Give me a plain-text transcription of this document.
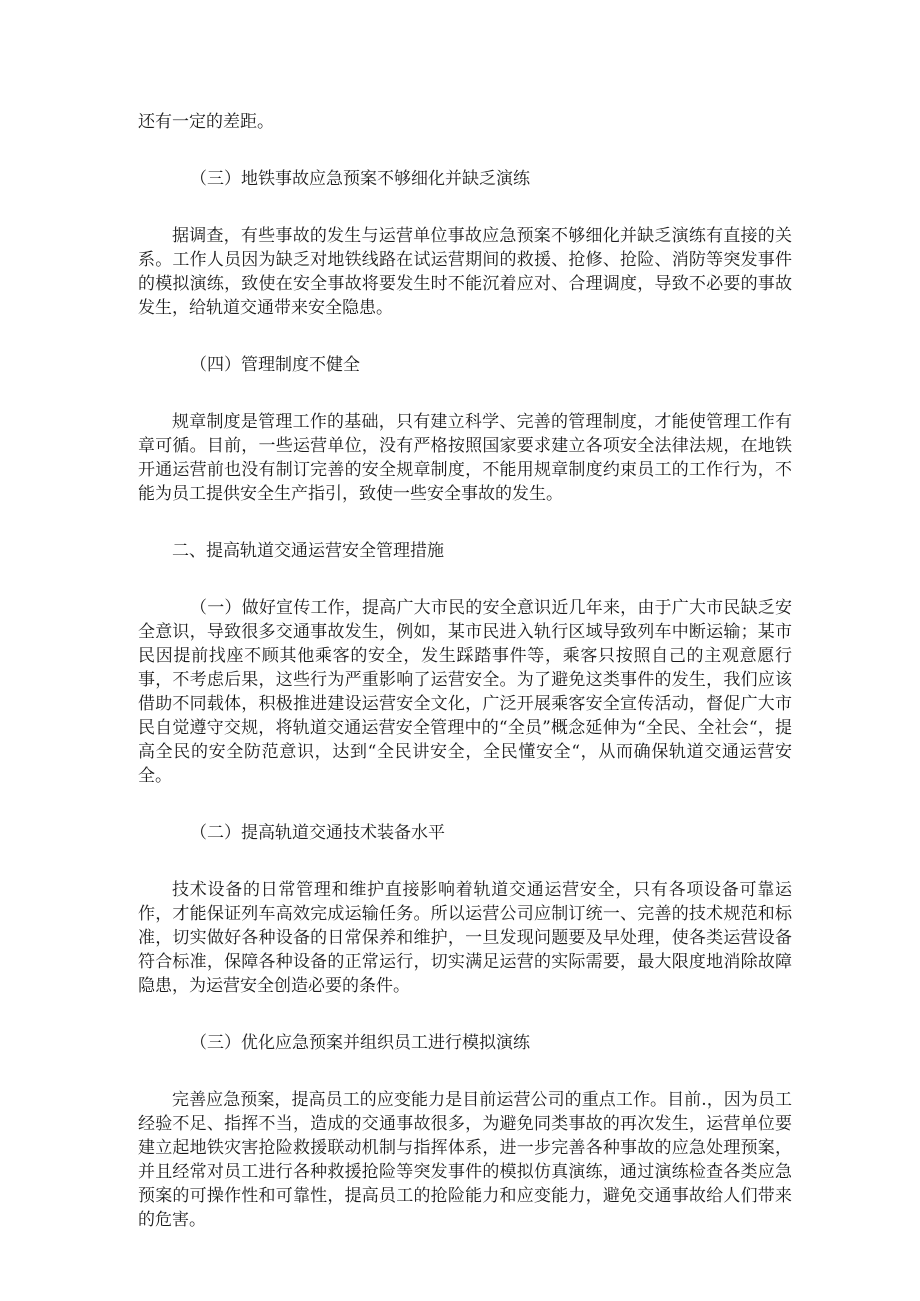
还有一定的差距。

（三）地铁事故应急预案不够细化并缺乏演练

据调查，有些事故的发生与运营单位事故应急预案不够细化并缺乏演练有直接的关系。工作人员因为缺乏对地铁线路在试运营期间的救援、抢修、抢险、消防等突发事件的模拟演练，致使在安全事故将要发生时不能沉着应对、合理调度，导致不必要的事故发生，给轨道交通带来安全隐患。

（四）管理制度不健全

规章制度是管理工作的基础，只有建立科学、完善的管理制度，才能使管理工作有章可循。目前，一些运营单位，没有严格按照国家要求建立各项安全法律法规，在地铁开通运营前也没有制订完善的安全规章制度，不能用规章制度约束员工的工作行为，不能为员工提供安全生产指引，致使一些安全事故的发生。

二、提高轨道交通运营安全管理措施

（一）做好宣传工作，提高广大市民的安全意识近几年来，由于广大市民缺乏安全意识，导致很多交通事故发生，例如，某市民进入轨行区域导致列车中断运输；某市民因提前找座不顾其他乘客的安全，发生踩踏事件等，乘客只按照自己的主观意愿行事，不考虑后果，这些行为严重影响了运营安全。为了避免这类事件的发生，我们应该借助不同载体，积极推进建设运营安全文化，广泛开展乘客安全宣传活动，督促广大市民自觉遵守交规，将轨道交通运营安全管理中的“全员”概念延伸为“全民、全社会“，提高全民的安全防范意识，达到“全民讲安全，全民懂安全“，从而确保轨道交通运营安全。

（二）提高轨道交通技术装备水平

技术设备的日常管理和维护直接影响着轨道交通运营安全，只有各项设备可靠运作，才能保证列车高效完成运输任务。所以运营公司应制订统一、完善的技术规范和标准，切实做好各种设备的日常保养和维护，一旦发现问题要及早处理，使各类运营设备符合标准，保障各种设备的正常运行，切实满足运营的实际需要，最大限度地消除故障隐患，为运营安全创造必要的条件。

（三）优化应急预案并组织员工进行模拟演练

完善应急预案，提高员工的应变能力是目前运营公司的重点工作。目前.，因为员工经验不足、指挥不当，造成的交通事故很多，为避免同类事故的再次发生，运营单位要建立起地铁灾害抢险救援联动机制与指挥体系，进一步完善各种事故的应急处理预案，并且经常对员工进行各种救援抢险等突发事件的模拟仿真演练，通过演练检查各类应急预案的可操作性和可靠性，提高员工的抢险能力和应变能力，避免交通事故给人们带来的危害。
